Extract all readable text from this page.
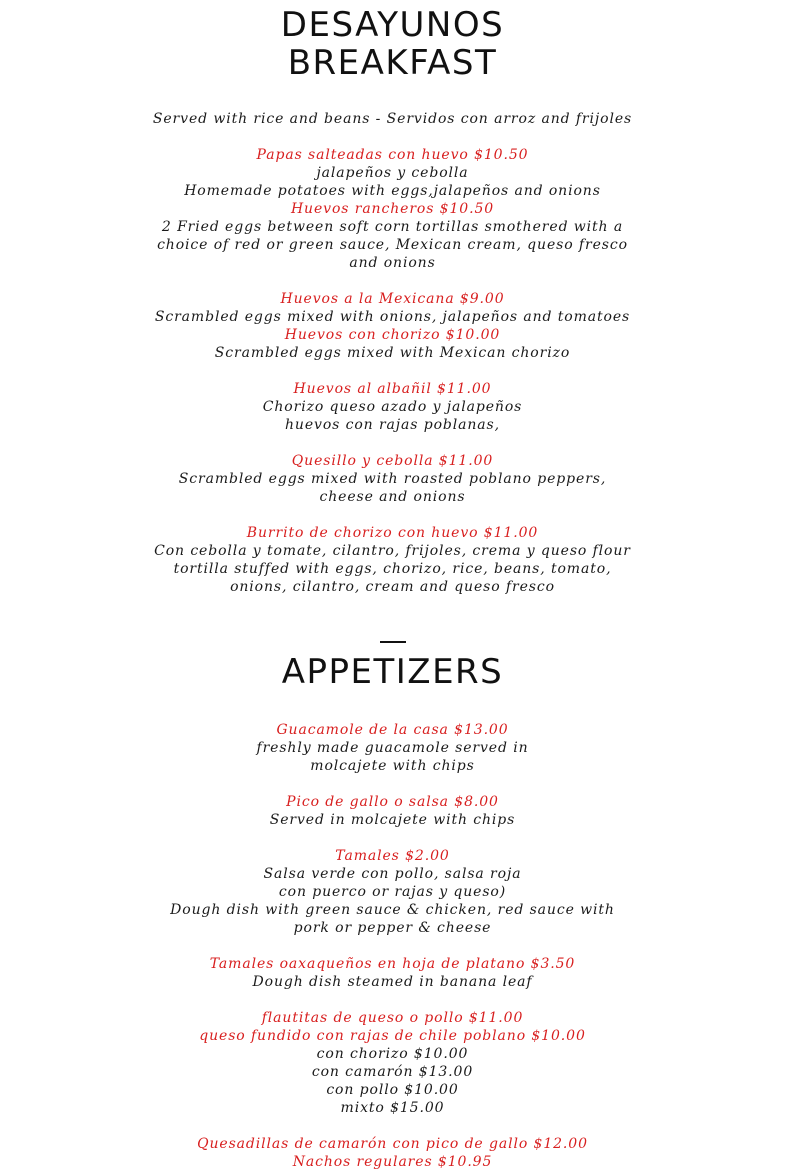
DESAYUNOS
BREAKFAST
Served with rice and beans - Servidos con arroz and frijoles
Papas salteadas con huevo $10.50
jalapeños y cebolla
Homemade potatoes with eggs,jalapeños and onions
Huevos rancheros $10.50
2 Fried eggs between soft corn tortillas smothered with a choice of red or green sauce, Mexican cream, queso fresco and onions
Huevos a la Mexicana $9.00
Scrambled eggs mixed with onions, jalapeños and tomatoes
Huevos con chorizo $10.00
Scrambled eggs mixed with Mexican chorizo
Huevos al albañil $11.00
Chorizo queso azado y jalapeños
huevos con rajas poblanas,
Quesillo y cebolla $11.00
Scrambled eggs mixed with roasted poblano peppers, cheese and onions
Burrito de chorizo con huevo $11.00
Con cebolla y tomate, cilantro, frijoles, crema y queso flour tortilla stuffed with eggs, chorizo, rice, beans, tomato, onions, cilantro, cream and queso fresco
APPETIZERS
Guacamole de la casa $13.00
freshly made guacamole served in
molcajete with chips
Pico de gallo o salsa $8.00
Served in molcajete with chips
Tamales $2.00
Salsa verde con pollo, salsa roja
con puerco or rajas y queso)
Dough dish with green sauce & chicken, red sauce with pork or pepper & cheese
Tamales oaxaqueños en hoja de platano $3.50
Dough dish steamed in banana leaf
flautitas de queso o pollo $11.00
queso fundido con rajas de chile poblano $10.00
con chorizo $10.00
con camarón $13.00
con pollo $10.00
mixto $15.00
Quesadillas de camarón con pico de gallo $12.00
Nachos regulares $10.95
